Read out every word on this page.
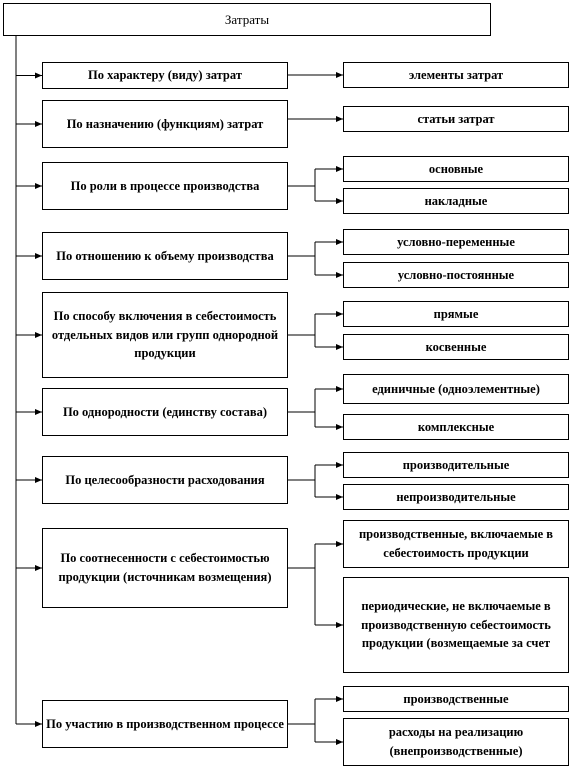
Затраты
По характеру (виду) затрат
По назначению (функциям) затрат
По роли в процессе производства
По отношению к объему производства
По способу включения в себестоимость отдельных видов или групп однородной продукции
По однородности (единству состава)
По целесообразности расходования
По соотнесенности с себестоимостью продукции (источникам возмещения)
По участию в производственном процессе
элементы затрат
статьи затрат
основные
накладные
условно-переменные
условно-постоянные
прямые
косвенные
единичные (одноэлементные)
комплексные
производительные
непроизводительные
производственные, включаемые в себестоимость продукции
периодические, не включаемые в производственную себестоимость продукции (возмещаемые за счет
производственные
расходы на реализацию (внепроизводственные)
